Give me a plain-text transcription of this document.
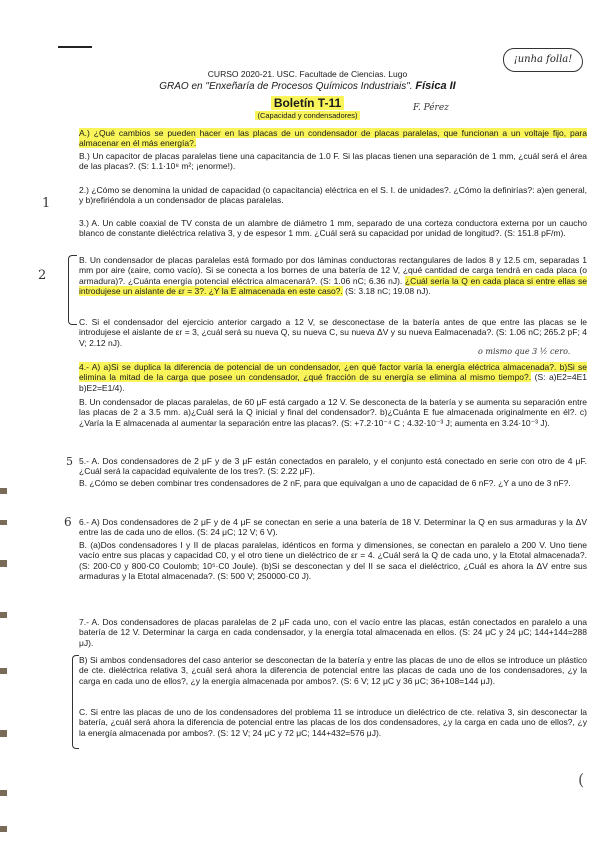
¡unha folla!
CURSO 2020-21. USC. Facultade de Ciencias. Lugo
GRAO en "Enxeñaría de Procesos Químicos Industriais". Física II
Boletín T-11
(Capacidad y condensadores)
F. Pérez
A.) ¿Qué cambios se pueden hacer en las placas de un condensador de placas paralelas, que funcionan a un voltaje fijo, para almacenar en él más energía?.
B.) Un capacitor de placas paralelas tiene una capacitancia de 1.0 F. Si las placas tienen una separación de 1 mm, ¿cuál será el área de las placas?. (S: 1.1·10⁸ m²; ¡enorme!).
2.) ¿Cómo se denomina la unidad de capacidad (o capacitancia) eléctrica en el S. I. de unidades?. ¿Cómo la definirías?: a)en general, y b)refiriéndola a un condensador de placas paralelas.
1
3.) A. Un cable coaxial de TV consta de un alambre de diámetro 1 mm, separado de una corteza conductora externa por un caucho blanco de constante dieléctrica relativa 3, y de espesor 1 mm. ¿Cuál será su capacidad por unidad de longitud?. (S: 151.8 pF/m).
2
B. Un condensador de placas paralelas está formado por dos láminas conductoras rectangulares de lados 8 y 12.5 cm, separadas 1 mm por aire (εaire, como vacío). Si se conecta a los bornes de una batería de 12 V, ¿qué cantidad de carga tendrá en cada placa (o armadura)?. ¿Cuánta energía potencial eléctrica almacenará?. (S: 1.06 nC; 6.36 nJ). ¿Cuál sería la Q en cada placa si entre ellas se introdujese un aislante de εr = 3?. ¿Y la E almacenada en este caso?. (S: 3.18 nC; 19.08 nJ).
C. Si el condensador del ejercicio anterior cargado a 12 V, se desconectase de la batería antes de que entre las placas se le introdujese el aislante de εr = 3, ¿cuál será su nueva Q, su nueva C, su nueva ΔV y su nueva Ealmacenada?. (S: 1.06 nC; 265.2 pF; 4 V; 2.12 nJ).
o mismo que 3 ½ cero.
4.- A) a)Si se duplica la diferencia de potencial de un condensador, ¿en qué factor varía la energía eléctrica almacenada?. b)Si se elimina la mitad de la carga que posee un condensador, ¿qué fracción de su energía se elimina al mismo tiempo?. (S: a)E2=4E1 b)E2=E1/4).
B. Un condensador de placas paralelas, de 60 μF está cargado a 12 V. Se desconecta de la batería y se aumenta su separación entre las placas de 2 a 3.5 mm. a)¿Cuál será la Q inicial y final del condensador?. b)¿Cuánta E fue almacenada originalmente en él?. c)¿Varía la E almacenada al aumentar la separación entre las placas?. (S: +7.2·10⁻⁴ C ; 4.32·10⁻³ J; aumenta en 3.24·10⁻³ J).
5 5.- A. Dos condensadores de 2 μF y de 3 μF están conectados en paralelo, y el conjunto está conectado en serie con otro de 4 μF. ¿Cuál será la capacidad equivalente de los tres?. (S: 2.22 μF).
B. ¿Cómo se deben combinar tres condensadores de 2 nF, para que equivalgan a uno de capacidad de 6 nF?. ¿Y a uno de 3 nF?.
6 6.- A) Dos condensadores de 2 μF y de 4 μF se conectan en serie a una batería de 18 V. Determinar la Q en sus armaduras y la ΔV entre las de cada uno de ellos. (S: 24 μC; 12 V; 6 V).
B. (a)Dos condensadores I y II de placas paralelas, idénticos en forma y dimensiones, se conectan en paralelo a 200 V. Uno tiene vacío entre sus placas y capacidad C0, y el otro tiene un dieléctrico de εr = 4. ¿Cuál será la Q de cada uno, y la Etotal almacenada?. (S: 200·C0 y 800·C0 Coulomb; 10⁵·C0 Joule). (b)Si se desconectan y del II se saca el dieléctrico, ¿Cuál es ahora la ΔV entre sus armaduras y la Etotal almacenada?. (S: 500 V; 250000·C0 J).
7.- A. Dos condensadores de placas paralelas de 2 μF cada uno, con el vacío entre las placas, están conectados en paralelo a una batería de 12 V. Determinar la carga en cada condensador, y la energía total almacenada en ellos. (S: 24 μC y 24 μC; 144+144=288 μJ).
B) Si ambos condensadores del caso anterior se desconectan de la batería y entre las placas de uno de ellos se introduce un plástico de cte. dieléctrica relativa 3, ¿cuál será ahora la diferencia de potencial entre las placas de cada uno de los condensadores, ¿y la carga en cada uno de ellos?, ¿y la energía almacenada por ambos?. (S: 6 V; 12 μC y 36 μC; 36+108=144 μJ).
C. Si entre las placas de uno de los condensadores del problema 11 se introduce un dieléctrico de cte. relativa 3, sin desconectar la batería, ¿cuál será ahora la diferencia de potencial entre las placas de los dos condensadores, ¿y la carga en cada uno de ellos?, ¿y la energía almacenada por ambos?. (S: 12 V; 24 μC y 72 μC; 144+432=576 μJ).
(
